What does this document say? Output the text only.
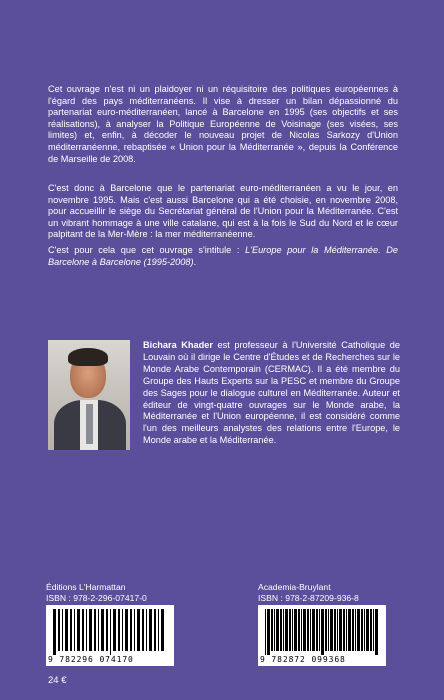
Cet ouvrage n'est ni un plaidoyer ni un réquisitoire des politiques européennes à l'égard des pays méditerranéens. Il vise à dresser un bilan dépassionné du partenariat euro-méditerranéen, lancé à Barcelone en 1995 (ses objectifs et ses réalisations), à analyser la Politique Européenne de Voisinage (ses visées, ses limites) et, enfin, à décoder le nouveau projet de Nicolas Sarkozy d'Union méditerranéenne, rebaptisée « Union pour la Méditerranée », depuis la Conférence de Marseille de 2008.

C'est donc à Barcelone que le partenariat euro-méditerranéen a vu le jour, en novembre 1995. Mais c'est aussi Barcelone qui a été choisie, en novembre 2008, pour accueillir le siège du Secrétariat général de l'Union pour la Méditerranée. C'est un vibrant hommage à une ville catalane, qui est à la fois le Sud du Nord et le cœur palpitant de la Mer-Mère : la mer méditerranéenne.

C'est pour cela que cet ouvrage s'intitule : L'Europe pour la Méditerranée. De Barcelone à Barcelone (1995-2008).

Bichara Khader est professeur à l'Université Catholique de Louvain où il dirige le Centre d'Études et de Recherches sur le Monde Arabe Contemporain (CERMAC). Il a été membre du Groupe des Hauts Experts sur la PESC et membre du Groupe des Sages pour le dialogue culturel en Méditerranée. Auteur et éditeur de vingt-quatre ouvrages sur le Monde arabe, la Méditerranée et l'Union européenne, il est considéré comme l'un des meilleurs analystes des relations entre l'Europe, le Monde arabe et la Méditerranée.

Éditions L'Harmattan
ISBN : 978-2-296-07417-0
Academia-Bruylant
ISBN : 978-2-87209-936-8
9 782296 074170	9 782872 099368
24 €
